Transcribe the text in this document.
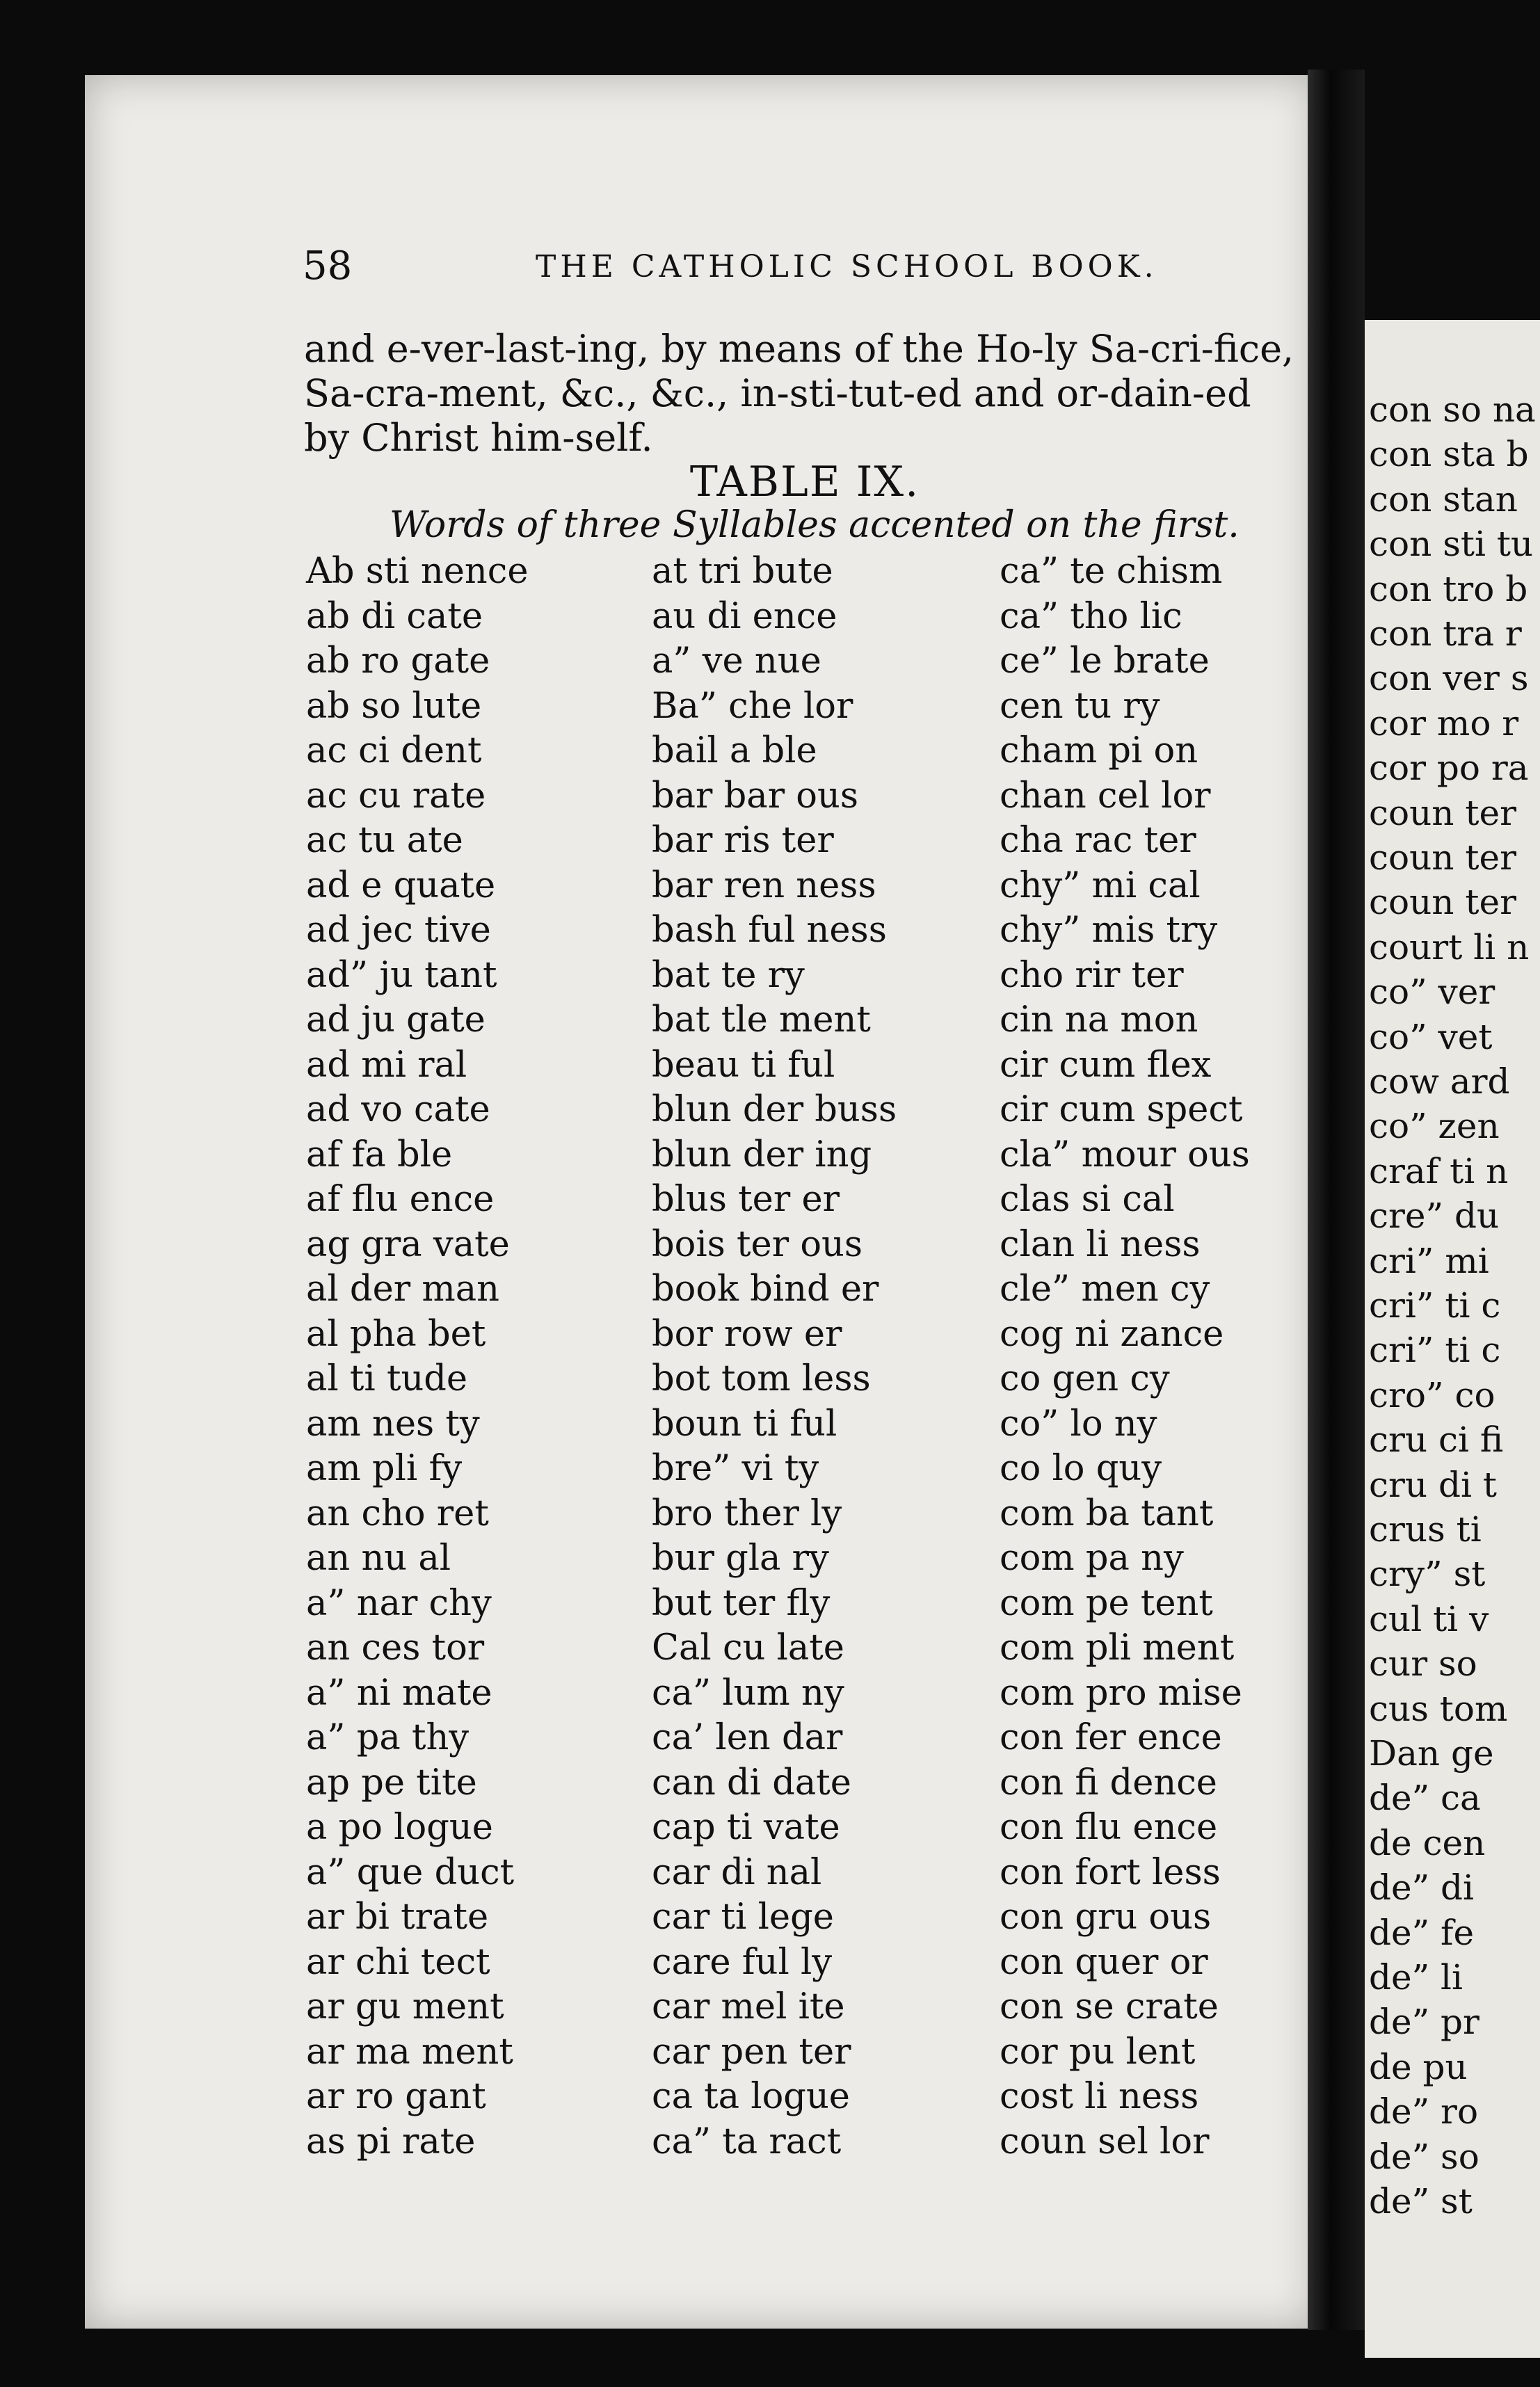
con so na
con sta b
con stan
con sti tu
con tro b
con tra r
con ver s
cor mo r
cor po ra
coun ter
coun ter
coun ter
court li n
co” ver
co” vet
cow ard
co” zen
craf ti n
cre” du
cri” mi
cri” ti c
cri” ti c
cro” co
cru ci fi
cru di t
crus ti
cry” st
cul ti v
cur so
cus tom
Dan ge
de” ca
de cen
de” di
de” fe
de” li
de” pr
de pu
de” ro
de” so
de” st
58	THE CATHOLIC SCHOOL BOOK.
and e-ver-last-ing, by means of the Ho-ly Sa-cri-fice,
Sa-cra-ment, &c., &c., in-sti-tut-ed and or-dain-ed
by Christ him-self.
TABLE IX.
Words of three Syllables accented on the first.
Ab sti nence
ab di cate
ab ro gate
ab so lute
ac ci dent
ac cu rate
ac tu ate
ad e quate
ad jec tive
ad” ju tant
ad ju gate
ad mi ral
ad vo cate
af fa ble
af flu ence
ag gra vate
al der man
al pha bet
al ti tude
am nes ty
am pli fy
an cho ret
an nu al
a” nar chy
an ces tor
a” ni mate
a” pa thy
ap pe tite
a po logue
a” que duct
ar bi trate
ar chi tect
ar gu ment
ar ma ment
ar ro gant
as pi rate
at tri bute
au di ence
a” ve nue
Ba” che lor
bail a ble
bar bar ous
bar ris ter
bar ren ness
bash ful ness
bat te ry
bat tle ment
beau ti ful
blun der buss
blun der ing
blus ter er
bois ter ous
book bind er
bor row er
bot tom less
boun ti ful
bre” vi ty
bro ther ly
bur gla ry
but ter fly
Cal cu late
ca” lum ny
ca’ len dar
can di date
cap ti vate
car di nal
car ti lege
care ful ly
car mel ite
car pen ter
ca ta logue
ca” ta ract
ca” te chism
ca” tho lic
ce” le brate
cen tu ry
cham pi on
chan cel lor
cha rac ter
chy” mi cal
chy” mis try
cho rir ter
cin na mon
cir cum flex
cir cum spect
cla” mour ous
clas si cal
clan li ness
cle” men cy
cog ni zance
co gen cy
co” lo ny
co lo quy
com ba tant
com pa ny
com pe tent
com pli ment
com pro mise
con fer ence
con fi dence
con flu ence
con fort less
con gru ous
con quer or
con se crate
cor pu lent
cost li ness
coun sel lor
